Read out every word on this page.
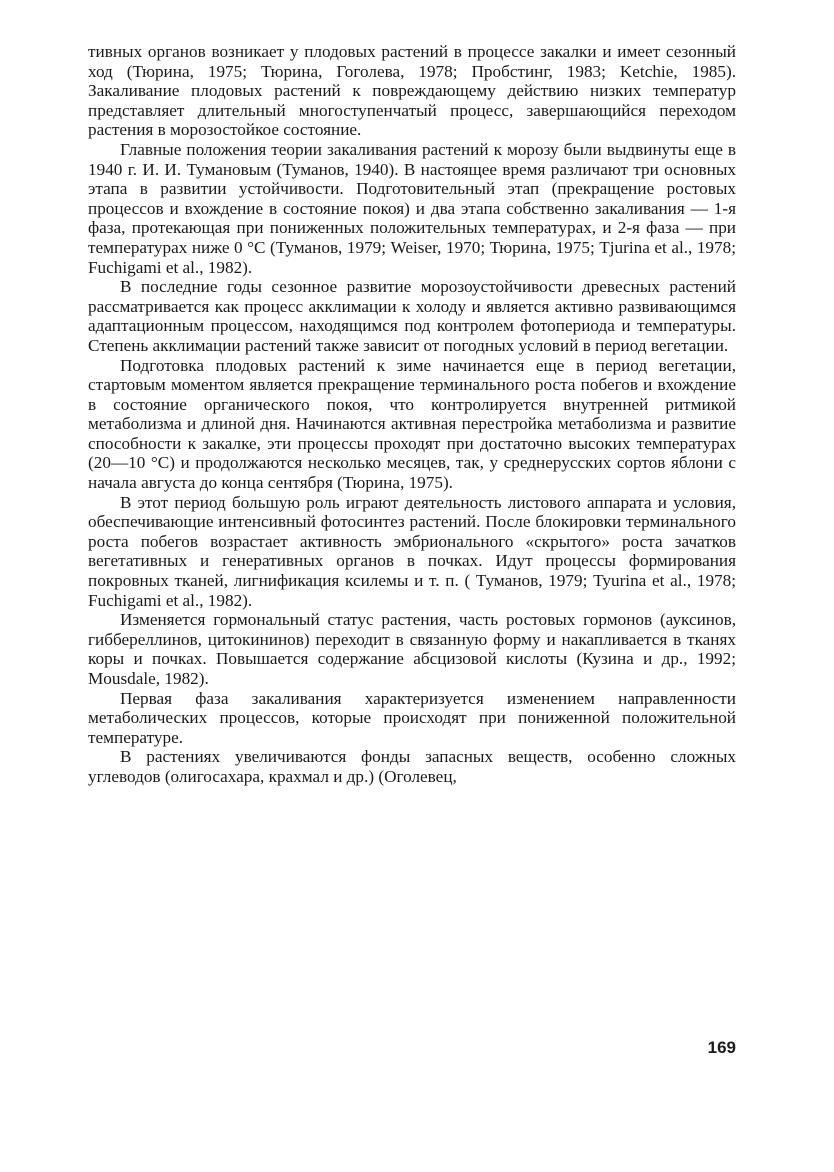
тивных органов возникает у плодовых растений в процессе закалки и имеет сезонный ход (Тюрина, 1975; Тюрина, Гоголева, 1978; Пробстинг, 1983; Ketchie, 1985). Закаливание плодовых растений к повреждающему действию низких температур представляет длительный многоступенчатый процесс, завершающийся переходом растения в морозостойкое состояние.

Главные положения теории закаливания растений к морозу были выдвинуты еще в 1940 г. И. И. Тумановым (Туманов, 1940). В настоящее время различают три основных этапа в развитии устойчивости. Подготовительный этап (прекращение ростовых процессов и вхождение в состояние покоя) и два этапа собственно закаливания — 1-я фаза, протекающая при пониженных положительных температурах, и 2-я фаза — при температурах ниже 0 °С (Туманов, 1979; Weiser, 1970; Тюрина, 1975; Tjurina et al., 1978; Fuchigami et al., 1982).

В последние годы сезонное развитие морозоустойчивости древесных растений рассматривается как процесс акклимации к холоду и является активно развивающимся адаптационным процессом, находящимся под контролем фотопериода и температуры. Степень акклимации растений также зависит от погодных условий в период вегетации.

Подготовка плодовых растений к зиме начинается еще в период вегетации, стартовым моментом является прекращение терминального роста побегов и вхождение в состояние органического покоя, что контролируется внутренней ритмикой метаболизма и длиной дня. Начинаются активная перестройка метаболизма и развитие способности к закалке, эти процессы проходят при достаточно высоких температурах (20—10 °С) и продолжаются несколько месяцев, так, у среднерусских сортов яблони с начала августа до конца сентября (Тюрина, 1975).

В этот период большую роль играют деятельность листового аппарата и условия, обеспечивающие интенсивный фотосинтез растений. После блокировки терминального роста побегов возрастает активность эмбрионального «скрытого» роста зачатков вегетативных и генеративных органов в почках. Идут процессы формирования покровных тканей, лигнификация ксилемы и т. п. ( Туманов, 1979; Tyurina et al., 1978; Fuchigami et al., 1982).

Изменяется гормональный статус растения, часть ростовых гормонов (ауксинов, гиббереллинов, цитокининов) переходит в связанную форму и накапливается в тканях коры и почках. Повышается содержание абсцизовой кислоты (Кузина и др., 1992; Mousdale, 1982).

Первая фаза закаливания характеризуется изменением направленности метаболических процессов, которые происходят при пониженной положительной температуре.

В растениях увеличиваются фонды запасных веществ, особенно сложных углеводов (олигосахара, крахмал и др.) (Оголевец,

169
